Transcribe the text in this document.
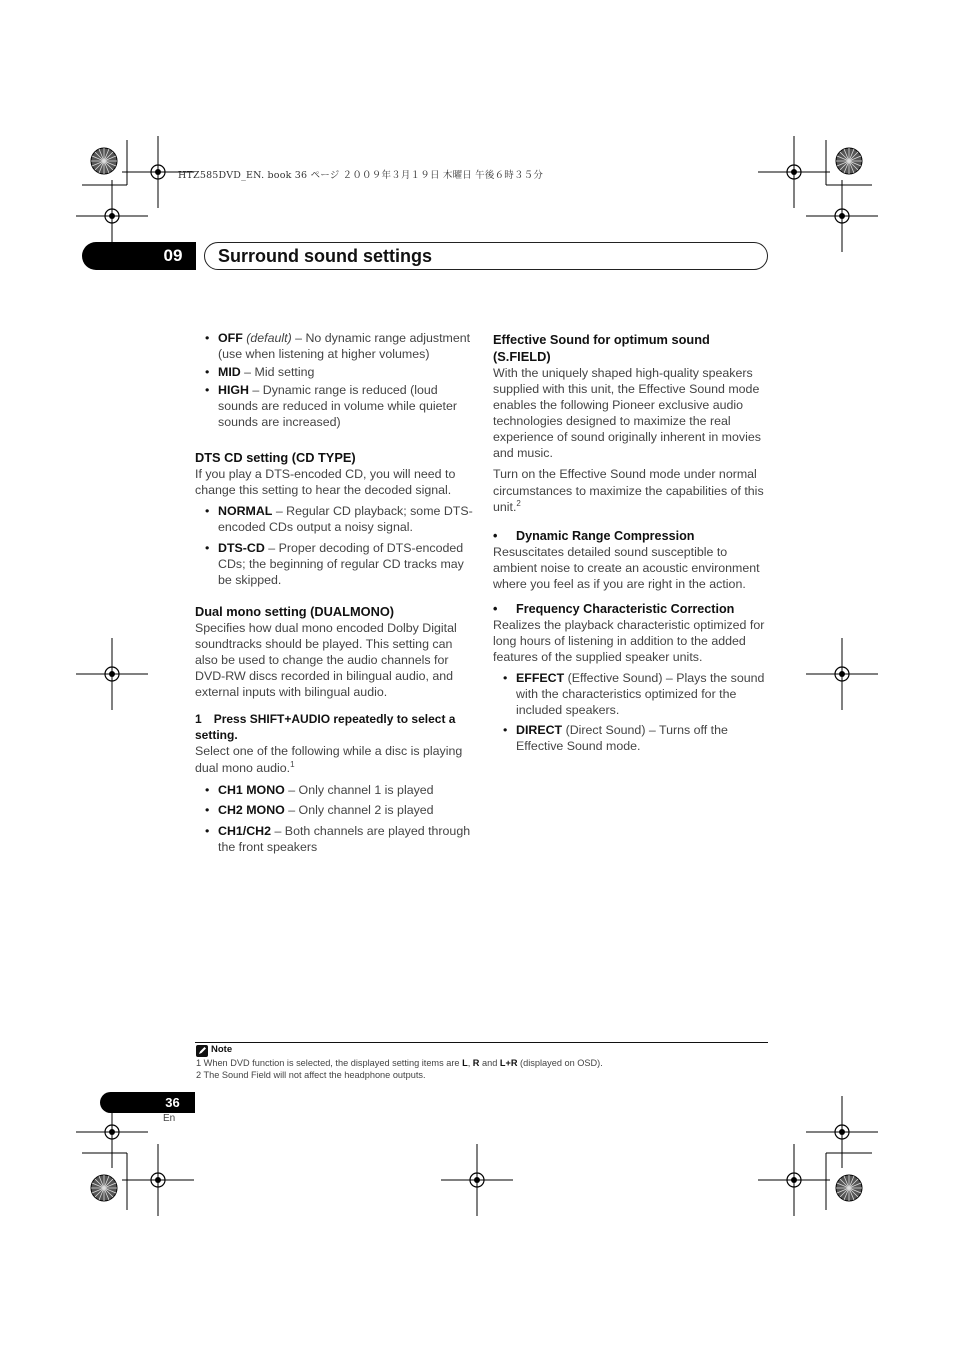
HTZ585DVD_EN. book 36 ページ ２００９年３月１９日 木曜日 午後６時３５分
09	Surround sound settings
• OFF (default) – No dynamic range adjustment (use when listening at higher volumes)
• MID – Mid setting
• HIGH – Dynamic range is reduced (loud sounds are reduced in volume while quieter sounds are increased)
DTS CD setting (CD TYPE)

If you play a DTS-encoded CD, you will need to change this setting to hear the decoded signal.

• NORMAL – Regular CD playback; some DTS-encoded CDs output a noisy signal.
• DTS-CD – Proper decoding of DTS-encoded CDs; the beginning of regular CD tracks may be skipped.
Dual mono setting (DUALMONO)

Specifies how dual mono encoded Dolby Digital soundtracks should be played. This setting can also be used to change the audio channels for DVD-RW discs recorded in bilingual audio, and external inputs with bilingual audio.

1 Press SHIFT+AUDIO repeatedly to select a setting.

Select one of the following while a disc is playing dual mono audio.$^1$

• CH1 MONO – Only channel 1 is played
• CH2 MONO – Only channel 2 is played
• CH1/CH2 – Both channels are played through the front speakers
Effective Sound for optimum sound (S.FIELD)

With the uniquely shaped high-quality speakers supplied with this unit, the Effective Sound mode enables the following Pioneer exclusive audio technologies designed to maximize the real experience of sound originally inherent in movies and music.

Turn on the Effective Sound mode under normal circumstances to maximize the capabilities of this unit.$^2$

• Dynamic Range Compression

Resuscitates detailed sound susceptible to ambient noise to create an acoustic environment where you feel as if you are right in the action.

• Frequency Characteristic Correction

Realizes the playback characteristic optimized for long hours of listening in addition to the added features of the supplied speaker units.

• EFFECT (Effective Sound) – Plays the sound with the characteristics optimized for the included speakers.
• DIRECT (Direct Sound) – Turns off the Effective Sound mode.
Note
1 When DVD function is selected, the displayed setting items are L, R and L+R (displayed on OSD).
2 The Sound Field will not affect the headphone outputs.
36
En
